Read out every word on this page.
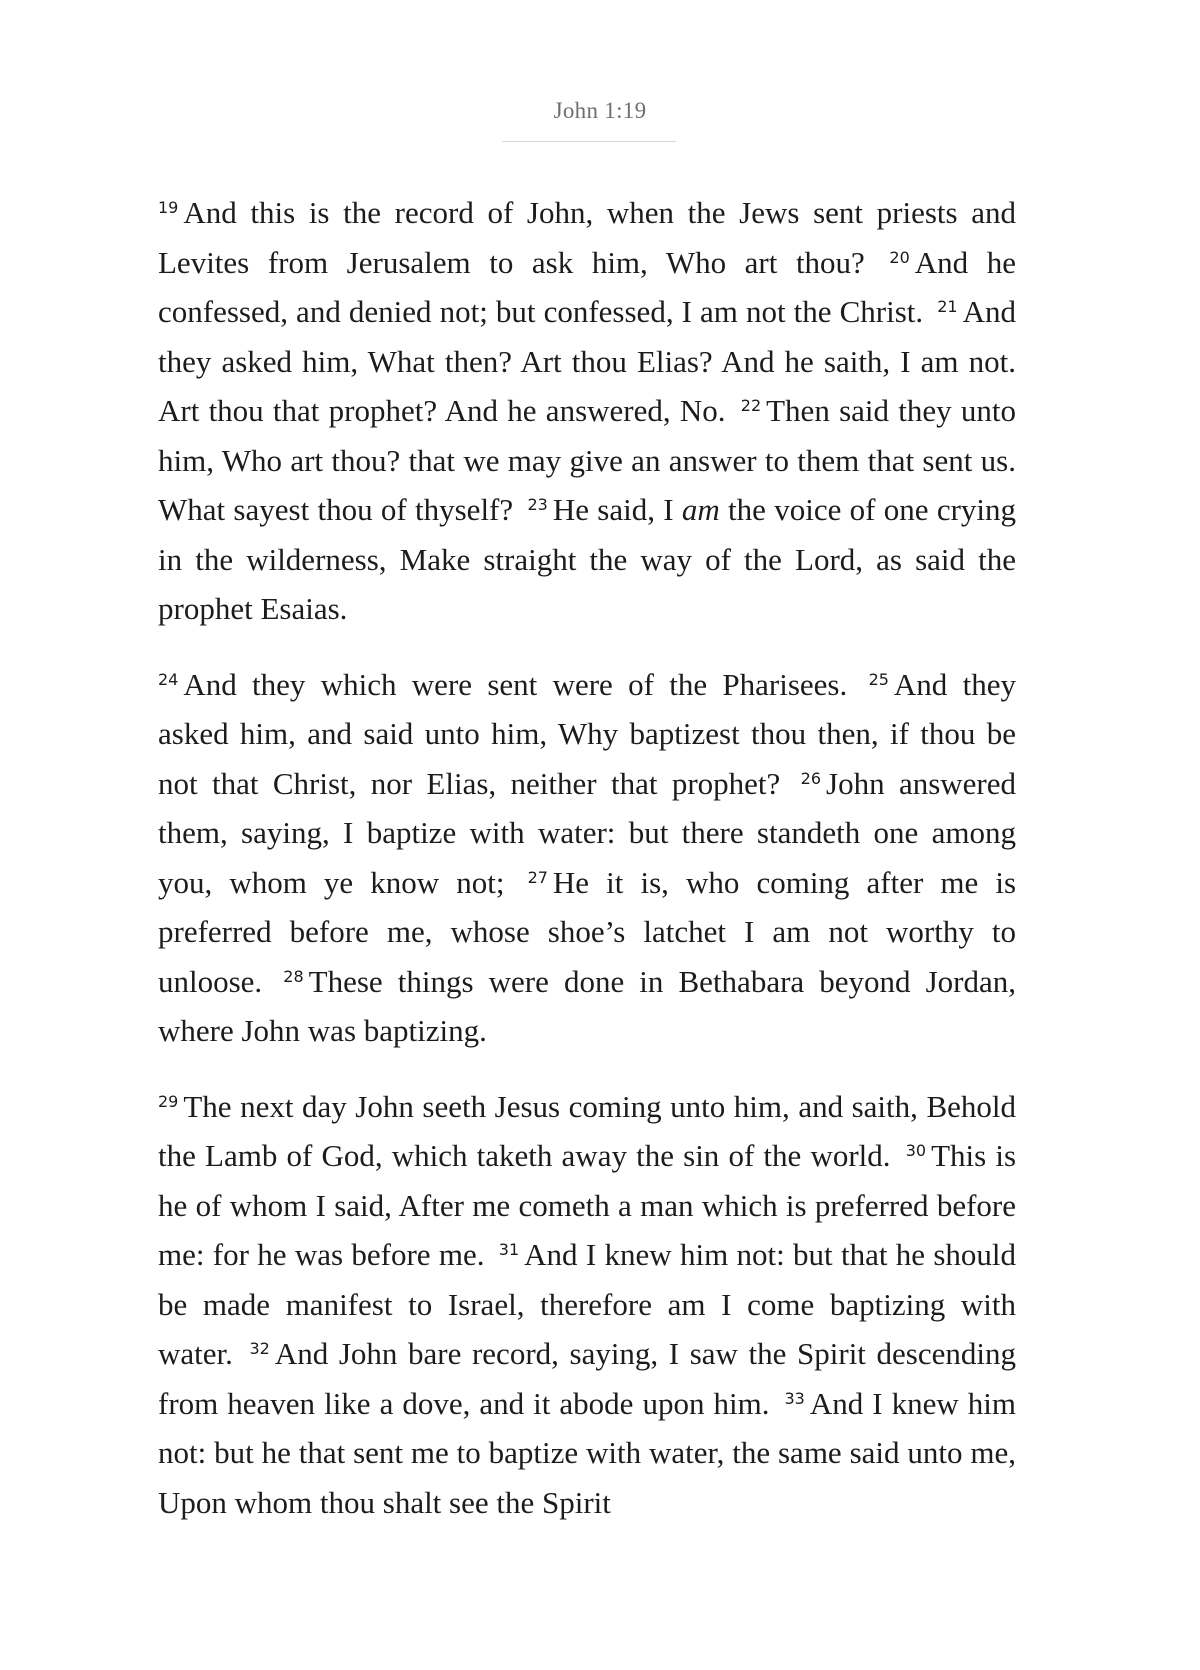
John 1:19

$^{19}$ And this is the record of John, when the Jews sent priests and Levites from Jerusalem to ask him, Who art thou? $^{20}$ And he confessed, and denied not; but confessed, I am not the Christ. $^{21}$ And they asked him, What then? Art thou Elias? And he saith, I am not. Art thou that prophet? And he answered, No. $^{22}$ Then said they unto him, Who art thou? that we may give an answer to them that sent us. What sayest thou of thyself? $^{23}$ He said, I am the voice of one crying in the wilderness, Make straight the way of the Lord, as said the prophet Esaias.

$^{24}$ And they which were sent were of the Pharisees. $^{25}$ And they asked him, and said unto him, Why baptizest thou then, if thou be not that Christ, nor Elias, neither that prophet? $^{26}$ John answered them, saying, I baptize with water: but there standeth one among you, whom ye know not; $^{27}$ He it is, who coming after me is preferred before me, whose shoe’s latchet I am not worthy to unloose. $^{28}$ These things were done in Bethabara beyond Jordan, where John was baptizing.

$^{29}$ The next day John seeth Jesus coming unto him, and saith, Behold the Lamb of God, which taketh away the sin of the world. $^{30}$ This is he of whom I said, After me cometh a man which is preferred before me: for he was before me. $^{31}$ And I knew him not: but that he should be made manifest to Israel, therefore am I come baptizing with water. $^{32}$ And John bare record, saying, I saw the Spirit descending from heaven like a dove, and it abode upon him. $^{33}$ And I knew him not: but he that sent me to baptize with water, the same said unto me, Upon whom thou shalt see the Spirit
